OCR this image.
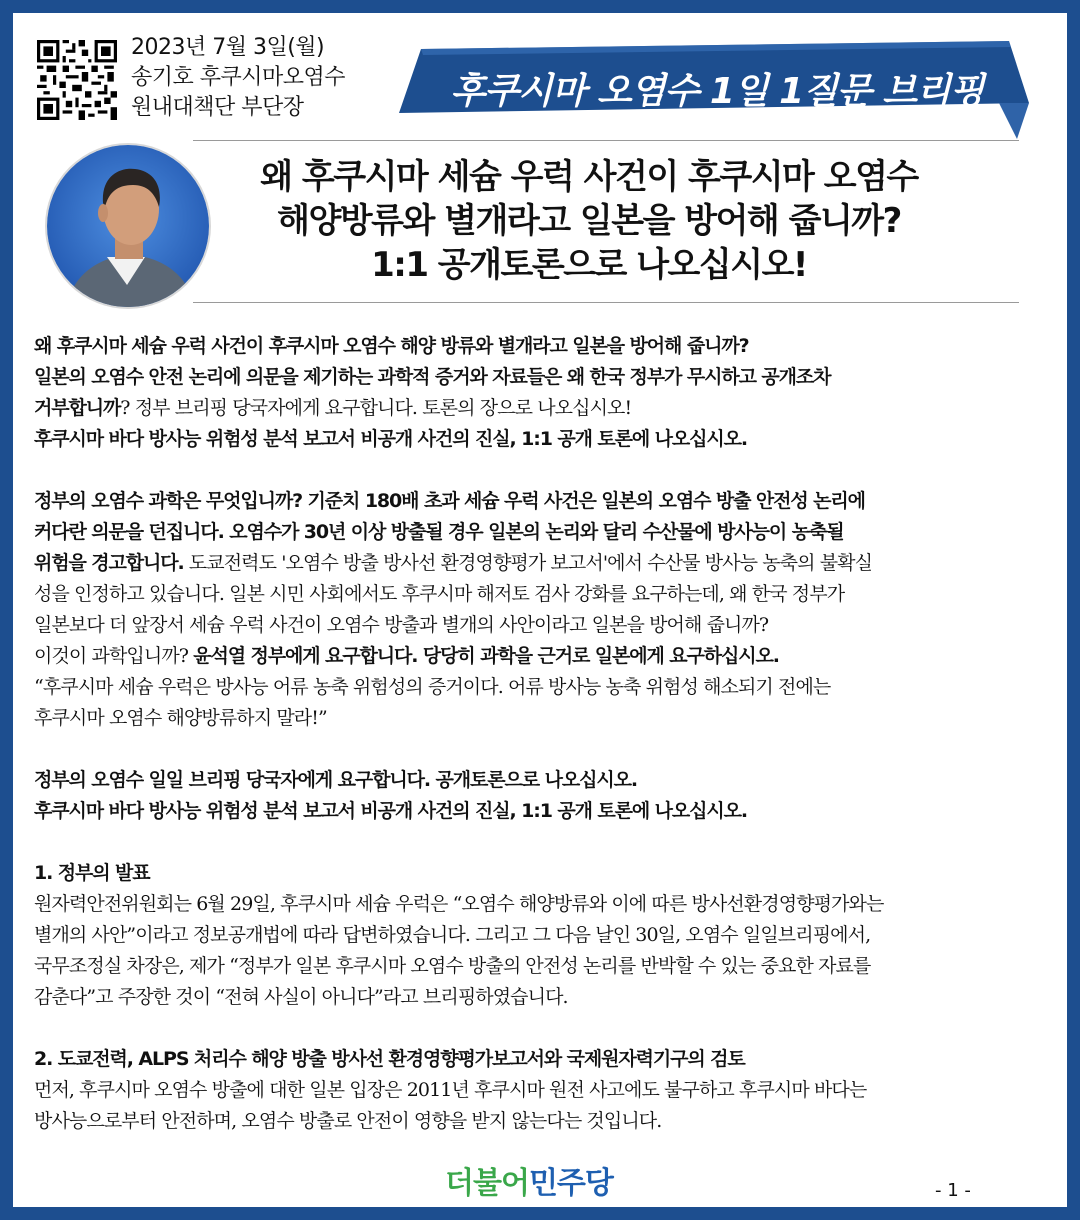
2023년 7월 3일(월)
송기호 후쿠시마오염수
원내대책단 부단장	후쿠시마 오염수 1일 1질문 브리핑
왜 후쿠시마 세슘 우럭 사건이 후쿠시마 오염수
해양방류와 별개라고 일본을 방어해 줍니까?
1:1 공개토론으로 나오십시오!

왜 후쿠시마 세슘 우럭 사건이 후쿠시마 오염수 해양 방류와 별개라고 일본을 방어해 줍니까?

일본의 오염수 안전 논리에 의문을 제기하는 과학적 증거와 자료들은 왜 한국 정부가 무시하고 공개조차

거부합니까? 정부 브리핑 당국자에게 요구합니다. 토론의 장으로 나오십시오!

후쿠시마 바다 방사능 위험성 분석 보고서 비공개 사건의 진실, 1:1 공개 토론에 나오십시오.

정부의 오염수 과학은 무엇입니까? 기준치 180배 초과 세슘 우럭 사건은 일본의 오염수 방출 안전성 논리에

커다란 의문을 던집니다. 오염수가 30년 이상 방출될 경우 일본의 논리와 달리 수산물에 방사능이 농축될

위험을 경고합니다. 도쿄전력도 '오염수 방출 방사선 환경영향평가 보고서'에서 수산물 방사능 농축의 불확실

성을 인정하고 있습니다. 일본 시민 사회에서도 후쿠시마 해저토 검사 강화를 요구하는데, 왜 한국 정부가

일본보다 더 앞장서 세슘 우럭 사건이 오염수 방출과 별개의 사안이라고 일본을 방어해 줍니까?

이것이 과학입니까? 윤석열 정부에게 요구합니다. 당당히 과학을 근거로 일본에게 요구하십시오.

“후쿠시마 세슘 우럭은 방사능 어류 농축 위험성의 증거이다. 어류 방사능 농축 위험성 해소되기 전에는

후쿠시마 오염수 해양방류하지 말라!”

정부의 오염수 일일 브리핑 당국자에게 요구합니다. 공개토론으로 나오십시오.

후쿠시마 바다 방사능 위험성 분석 보고서 비공개 사건의 진실, 1:1 공개 토론에 나오십시오.

1. 정부의 발표

원자력안전위원회는 6월 29일, 후쿠시마 세슘 우럭은 “오염수 해양방류와 이에 따른 방사선환경영향평가와는

별개의 사안”이라고 정보공개법에 따라 답변하였습니다. 그리고 그 다음 날인 30일, 오염수 일일브리핑에서,

국무조정실 차장은, 제가 “정부가 일본 후쿠시마 오염수 방출의 안전성 논리를 반박할 수 있는 중요한 자료를

감춘다”고 주장한 것이 “전혀 사실이 아니다”라고 브리핑하였습니다.

2. 도쿄전력, ALPS 처리수 해양 방출 방사선 환경영향평가보고서와 국제원자력기구의 검토

먼저, 후쿠시마 오염수 방출에 대한 일본 입장은 2011년 후쿠시마 원전 사고에도 불구하고 후쿠시마 바다는

방사능으로부터 안전하며, 오염수 방출로 안전이 영향을 받지 않는다는 것입니다.

더불어민주당	- 1 -
